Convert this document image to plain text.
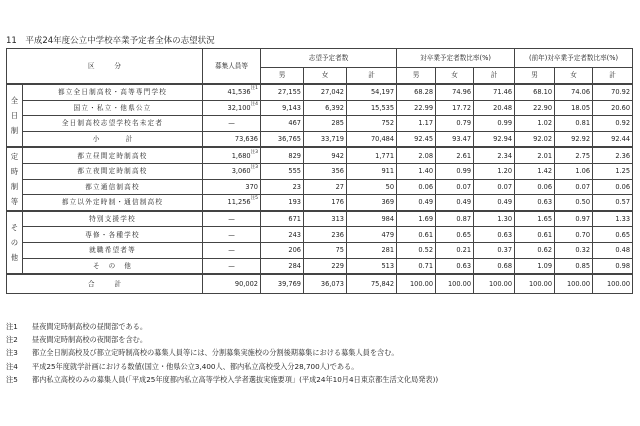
11　平成24年度公立中学校卒業予定者全体の志望状況
区　　　分		募集人員等	志望予定者数			対卒業予定者数比率(%)			(前年)対卒業予定者数比率(%)		
			男	女	計	男	女	計	男	女	計

全
日
制	都立全日制高校・高等専門学校	41,536$^{注1}$	27,155	27,042	54,197	68.28	74.96	71.46	68.10	74.06	70.92
	国立・私立・他県公立	32,100$^{注4}$	9,143	6,392	15,535	22.99	17.72	20.48	22.90	18.05	20.60
	全日制高校志望学校名未定者	—	467	285	752	1.17	0.79	0.99	1.02	0.81	0.92
	小　　　　計	73,636	36,765	33,719	70,484	92.45	93.47	92.94	92.02	92.92	92.44

定
時
制
等	都立昼間定時制高校	1,680$^{注3}$	829	942	1,771	2.08	2.61	2.34	2.01	2.75	2.36
	都立夜間定時制高校	3,060$^{注3}$	555	356	911	1.40	0.99	1.20	1.42	1.06	1.25
	都立通信制高校	370	23	27	50	0.06	0.07	0.07	0.06	0.07	0.06
	都立以外定時制・通信制高校	11,256$^{注5}$	193	176	369	0.49	0.49	0.49	0.63	0.50	0.57

そ
の
他	特別支援学校	—	671	313	984	1.69	0.87	1.30	1.65	0.97	1.33
	専修・各種学校	—	243	236	479	0.61	0.65	0.63	0.61	0.70	0.65
	就職希望者等	—	206	75	281	0.52	0.21	0.37	0.62	0.32	0.48
	そ　の　他	—	284	229	513	0.71	0.63	0.68	1.09	0.85	0.98
合　　　計		90,002	39,769	36,073	75,842	100.00	100.00	100.00	100.00	100.00	100.00
注1 昼夜間定時制高校の昼間部である。
注2 昼夜間定時制高校の夜間部を含む。
注3 都立全日制高校及び都立定時制高校の募集人員等には、分割募集実施校の分割後期募集における募集人員を含む。
注4 平成25年度就学計画における数値(国立・他県公立3,400人、都内私立高校受入分28,700人)である。
注5 都内私立高校のみの募集人員(「平成25年度都内私立高等学校入学者選抜実施要項」(平成24年10月4日東京都生活文化局発表))
